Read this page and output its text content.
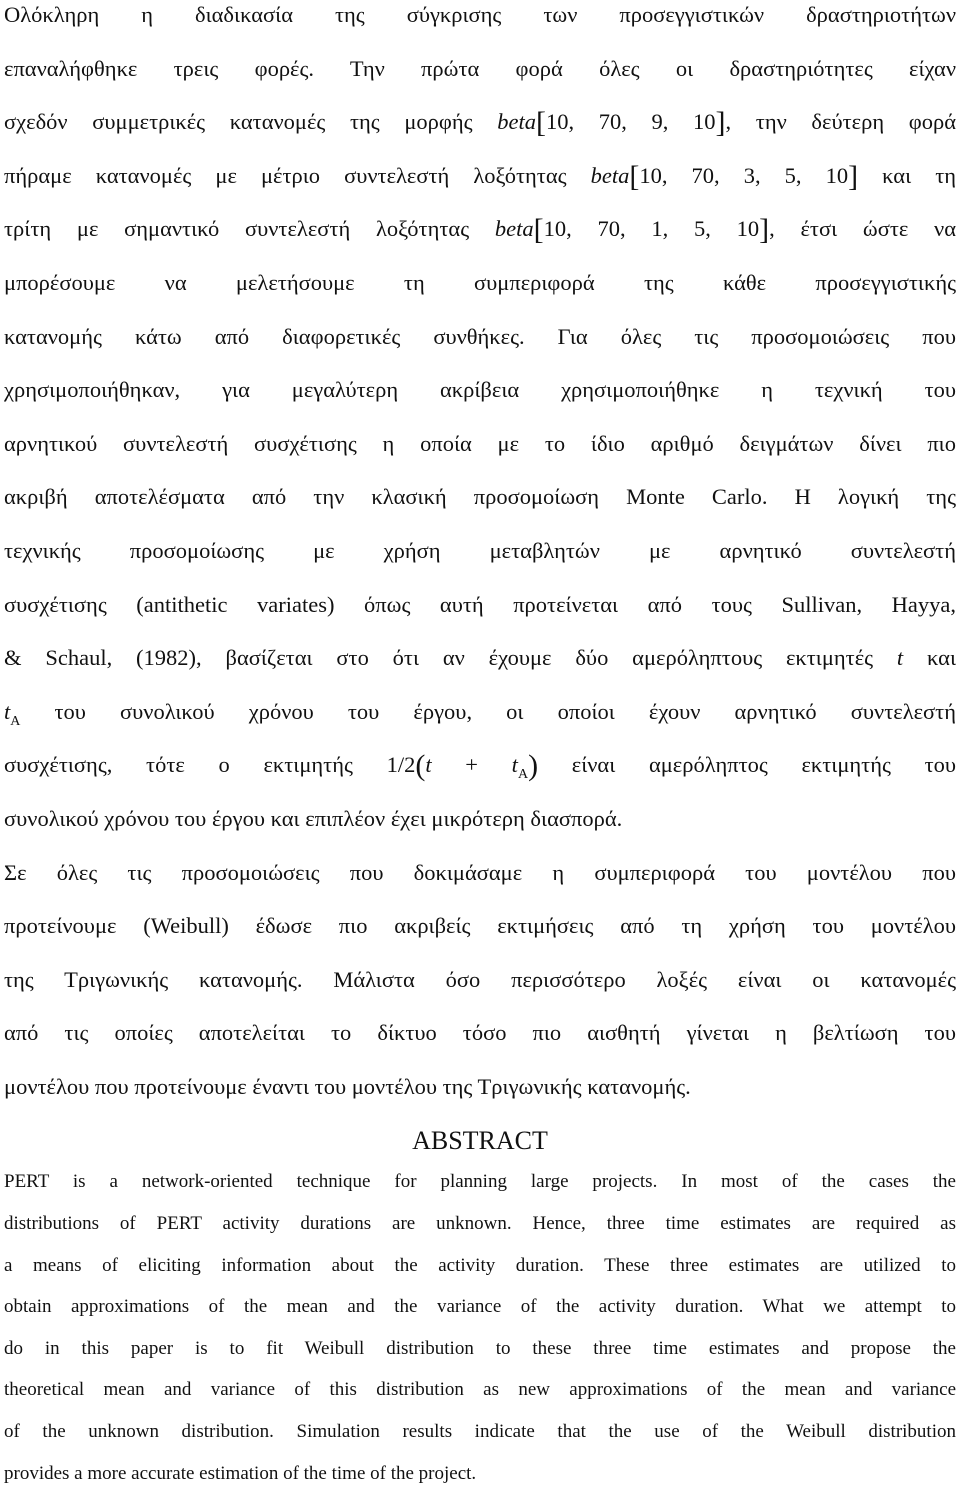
Ολόκληρη η διαδικασία της σύγκρισης των προσεγγιστικών δραστηριοτήτων
επαναλήφθηκε τρεις φορές. Την πρώτα φορά όλες οι δραστηριότητες είχαν
σχεδόν συμμετρικές κατανομές της μορφής beta[10, 70, 9, 10], την δεύτερη φορά
πήραμε κατανομές με μέτριο συντελεστή λοξότητας beta[10, 70, 3, 5, 10] και τη
τρίτη με σημαντικό συντελεστή λοξότητας beta[10, 70, 1, 5, 10], έτσι ώστε να
μπορέσουμε να μελετήσουμε τη συμπεριφορά της κάθε προσεγγιστικής
κατανομής κάτω από διαφορετικές συνθήκες. Για όλες τις προσομοιώσεις που
χρησιμοποιήθηκαν, για μεγαλύτερη ακρίβεια χρησιμοποιήθηκε η τεχνική του
αρνητικού συντελεστή συσχέτισης η οποία με το ίδιο αριθμό δειγμάτων δίνει πιο
ακριβή αποτελέσματα από την κλασική προσομοίωση Monte Carlo. Η λογική της
τεχνικής προσομοίωσης με χρήση μεταβλητών με αρνητικό συντελεστή
συσχέτισης (antithetic variates) όπως αυτή προτείνεται από τους Sullivan, Hayya,
& Schaul, (1982), βασίζεται στο ότι αν έχουμε δύο αμερόληπτους εκτιμητές t και
$t_A$ του συνολικού χρόνου του έργου, οι οποίοι έχουν αρνητικό συντελεστή
συσχέτισης, τότε ο εκτιμητής $1/2(t + t_A)$ είναι αμερόληπτος εκτιμητής του
συνολικού χρόνου του έργου και επιπλέον έχει μικρότερη διασπορά.
Σε όλες τις προσομοιώσεις που δοκιμάσαμε η συμπεριφορά του μοντέλου που
προτείνουμε (Weibull) έδωσε πιο ακριβείς εκτιμήσεις από τη χρήση του μοντέλου
της Τριγωνικής κατανομής. Μάλιστα όσο περισσότερο λοξές είναι οι κατανομές
από τις οποίες αποτελείται το δίκτυο τόσο πιο αισθητή γίνεται η βελτίωση του
μοντέλου που προτείνουμε έναντι του μοντέλου της Τριγωνικής κατανομής.
ABSTRACT
PERT is a network-oriented technique for planning large projects. In most of the cases the
distributions of PERT activity durations are unknown. Hence, three time estimates are required as
a means of eliciting information about the activity duration. These three estimates are utilized to
obtain approximations of the mean and the variance of the activity duration. What we attempt to
do in this paper is to fit Weibull distribution to these three time estimates and propose the
theoretical mean and variance of this distribution as new approximations of the mean and variance
of the unknown distribution. Simulation results indicate that the use of the Weibull distribution
provides a more accurate estimation of the time of the project.
